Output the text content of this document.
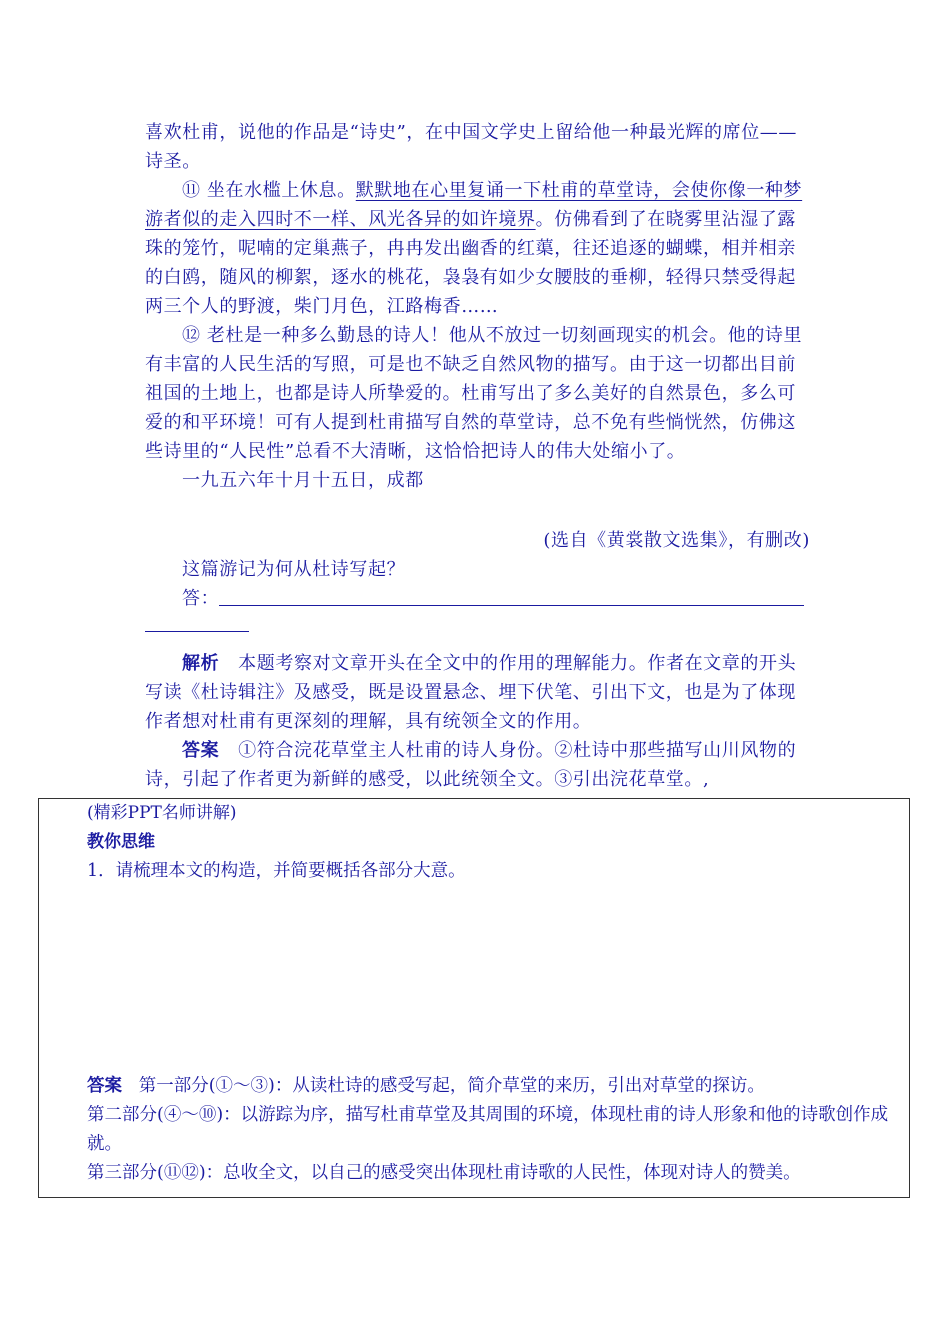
喜欢杜甫，说他的作品是“诗史”，在中国文学史上留给他一种最光辉的席位——诗圣。

⑪ 坐在水槛上休息。默默地在心里复诵一下杜甫的草堂诗，会使你像一种梦游者似的走入四时不一样、风光各异的如许境界。仿佛看到了在晓雾里沾湿了露珠的笼竹，呢喃的定巢燕子，冉冉发出幽香的红蕖，往还追逐的蝴蝶，相并相亲的白鸥，随风的柳絮，逐水的桃花，袅袅有如少女腰肢的垂柳，轻得只禁受得起两三个人的野渡，柴门月色，江路梅香……

⑫ 老杜是一种多么勤恳的诗人！他从不放过一切刻画现实的机会。他的诗里有丰富的人民生活的写照，可是也不缺乏自然风物的描写。由于这一切都出目前祖国的土地上，也都是诗人所挚爱的。杜甫写出了多么美好的自然景色，多么可爱的和平环境！可有人提到杜甫描写自然的草堂诗，总不免有些惝恍然，仿佛这些诗里的“人民性”总看不大清晰，这恰恰把诗人的伟大处缩小了。

一九五六年十月十五日，成都

(选自《黄裳散文选集》，有删改)

这篇游记为何从杜诗写起？

答：

解析 本题考察对文章开头在全文中的作用的理解能力。作者在文章的开头写读《杜诗辑注》及感受，既是设置悬念、埋下伏笔、引出下文，也是为了体现作者想对杜甫有更深刻的理解，具有统领全文的作用。

答案 ①符合浣花草堂主人杜甫的诗人身份。②杜诗中那些描写山川风物的诗，引起了作者更为新鲜的感受，以此统领全文。③引出浣花草堂。,

(精彩PPT名师讲解)

教你思维

1．请梳理本文的构造，并简要概括各部分大意。

答案 第一部分(①～③)：从读杜诗的感受写起，简介草堂的来历，引出对草堂的探访。

第二部分(④～⑩)：以游踪为序，描写杜甫草堂及其周围的环境，体现杜甫的诗人形象和他的诗歌创作成就。

第三部分(⑪⑫)：总收全文，以自己的感受突出体现杜甫诗歌的人民性，体现对诗人的赞美。
